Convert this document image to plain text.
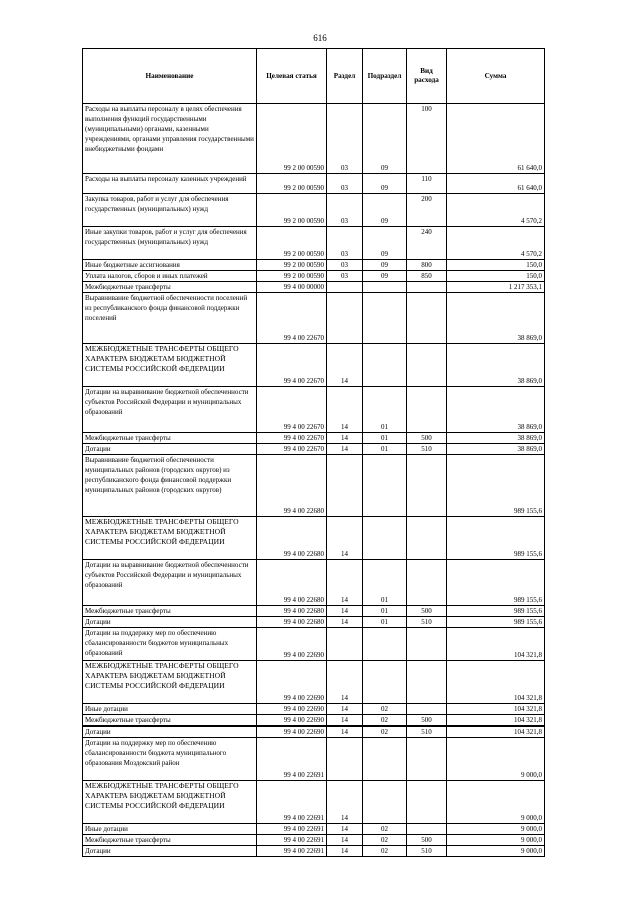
616
Наименование	Целевая статья	Раздел	Подраздел	Вид расхода	Сумма
Расходы на выплаты персоналу в целях обеспечения выполнения функций государственными (муниципальными) органами, казенными учреждениями, органами управления государственными внебюджетными фондами	99 2 00 00590	03	09	100	61 640,0
Расходы на выплаты персоналу казенных учреждений	99 2 00 00590	03	09	110	61 640,0
Закупка товаров, работ и услуг для обеспечения государственных (муниципальных) нужд	99 2 00 00590	03	09	200	4 570,2
Иные закупки товаров, работ и услуг для обеспечения государственных (муниципальных) нужд	99 2 00 00590	03	09	240	4 570,2
Иные бюджетные ассигнования	99 2 00 00590	03	09	800	150,0
Уплата налогов, сборов и иных платежей	99 2 00 00590	03	09	850	150,0
Межбюджетные трансферты	99 4 00 00000				1 217 353,1
Выравнивание бюджетной обеспеченности поселений из республиканского фонда финансовой поддержки поселений	99 4 00 22670				38 869,0
МЕЖБЮДЖЕТНЫЕ ТРАНСФЕРТЫ ОБЩЕГО ХАРАКТЕРА БЮДЖЕТАМ БЮДЖЕТНОЙ СИСТЕМЫ РОССИЙСКОЙ ФЕДЕРАЦИИ	99 4 00 22670	14			38 869,0
Дотации на выравнивание бюджетной обеспеченности субъектов Российской Федерации и муниципальных образований	99 4 00 22670	14	01		38 869,0
Межбюджетные трансферты	99 4 00 22670	14	01	500	38 869,0
Дотации	99 4 00 22670	14	01	510	38 869,0
Выравнивание бюджетной обеспеченности муниципальных районов (городских округов) из республиканского фонда финансовой поддержки муниципальных районов (городских округов)	99 4 00 22680				989 155,6
МЕЖБЮДЖЕТНЫЕ ТРАНСФЕРТЫ ОБЩЕГО ХАРАКТЕРА БЮДЖЕТАМ БЮДЖЕТНОЙ СИСТЕМЫ РОССИЙСКОЙ ФЕДЕРАЦИИ	99 4 00 22680	14			989 155,6
Дотации на выравнивание бюджетной обеспеченности субъектов Российской Федерации и муниципальных образований	99 4 00 22680	14	01		989 155,6
Межбюджетные трансферты	99 4 00 22680	14	01	500	989 155,6
Дотации	99 4 00 22680	14	01	510	989 155,6
Дотации на поддержку мер по обеспечению сбалансированности бюджетов муниципальных образований	99 4 00 22690				104 321,8
МЕЖБЮДЖЕТНЫЕ ТРАНСФЕРТЫ ОБЩЕГО ХАРАКТЕРА БЮДЖЕТАМ БЮДЖЕТНОЙ СИСТЕМЫ РОССИЙСКОЙ ФЕДЕРАЦИИ	99 4 00 22690	14			104 321,8
Иные дотации	99 4 00 22690	14	02		104 321,8
Межбюджетные трансферты	99 4 00 22690	14	02	500	104 321,8
Дотации	99 4 00 22690	14	02	510	104 321,8
Дотации на поддержку мер по обеспечению сбалансированности бюджета муниципального образования Моздокский район	99 4 00 22691				9 000,0
МЕЖБЮДЖЕТНЫЕ ТРАНСФЕРТЫ ОБЩЕГО ХАРАКТЕРА БЮДЖЕТАМ БЮДЖЕТНОЙ СИСТЕМЫ РОССИЙСКОЙ ФЕДЕРАЦИИ	99 4 00 22691	14			9 000,0
Иные дотации	99 4 00 22691	14	02		9 000,0
Межбюджетные трансферты	99 4 00 22691	14	02	500	9 000,0
Дотации	99 4 00 22691	14	02	510	9 000,0
